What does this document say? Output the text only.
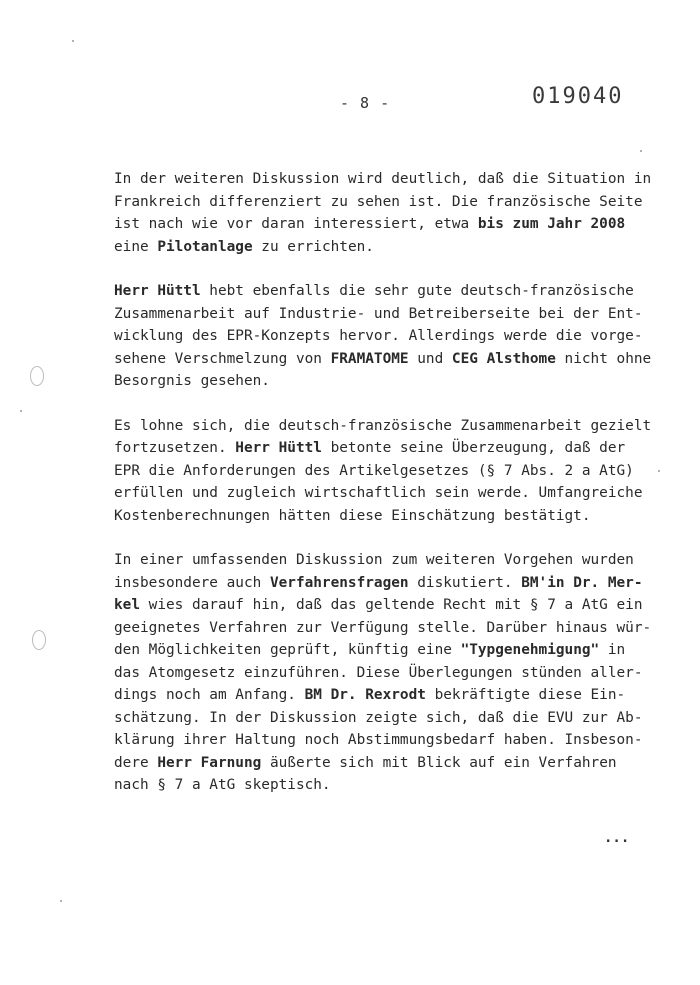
- 8 -	019040
In der weiteren Diskussion wird deutlich, daß die Situation in
Frankreich differenziert zu sehen ist. Die französische Seite
ist nach wie vor daran interessiert, etwa bis zum Jahr 2008
eine Pilotanlage zu errichten.
Herr Hüttl hebt ebenfalls die sehr gute deutsch-französische
Zusammenarbeit auf Industrie- und Betreiberseite bei der Ent-
wicklung des EPR-Konzepts hervor. Allerdings werde die vorge-
sehene Verschmelzung von FRAMATOME und CEG Alsthome nicht ohne
Besorgnis gesehen.
Es lohne sich, die deutsch-französische Zusammenarbeit gezielt
fortzusetzen. Herr Hüttl betonte seine Überzeugung, daß der
EPR die Anforderungen des Artikelgesetzes (§ 7 Abs. 2 a AtG)
erfüllen und zugleich wirtschaftlich sein werde. Umfangreiche
Kostenberechnungen hätten diese Einschätzung bestätigt.
In einer umfassenden Diskussion zum weiteren Vorgehen wurden
insbesondere auch Verfahrensfragen diskutiert. BM'in Dr. Mer-
kel wies darauf hin, daß das geltende Recht mit § 7 a AtG ein
geeignetes Verfahren zur Verfügung stelle. Darüber hinaus wür-
den Möglichkeiten geprüft, künftig eine "Typgenehmigung" in
das Atomgesetz einzuführen. Diese Überlegungen stünden aller-
dings noch am Anfang. BM Dr. Rexrodt bekräftigte diese Ein-
schätzung. In der Diskussion zeigte sich, daß die EVU zur Ab-
klärung ihrer Haltung noch Abstimmungsbedarf haben. Insbeson-
dere Herr Farnung äußerte sich mit Blick auf ein Verfahren
nach § 7 a AtG skeptisch.
...
